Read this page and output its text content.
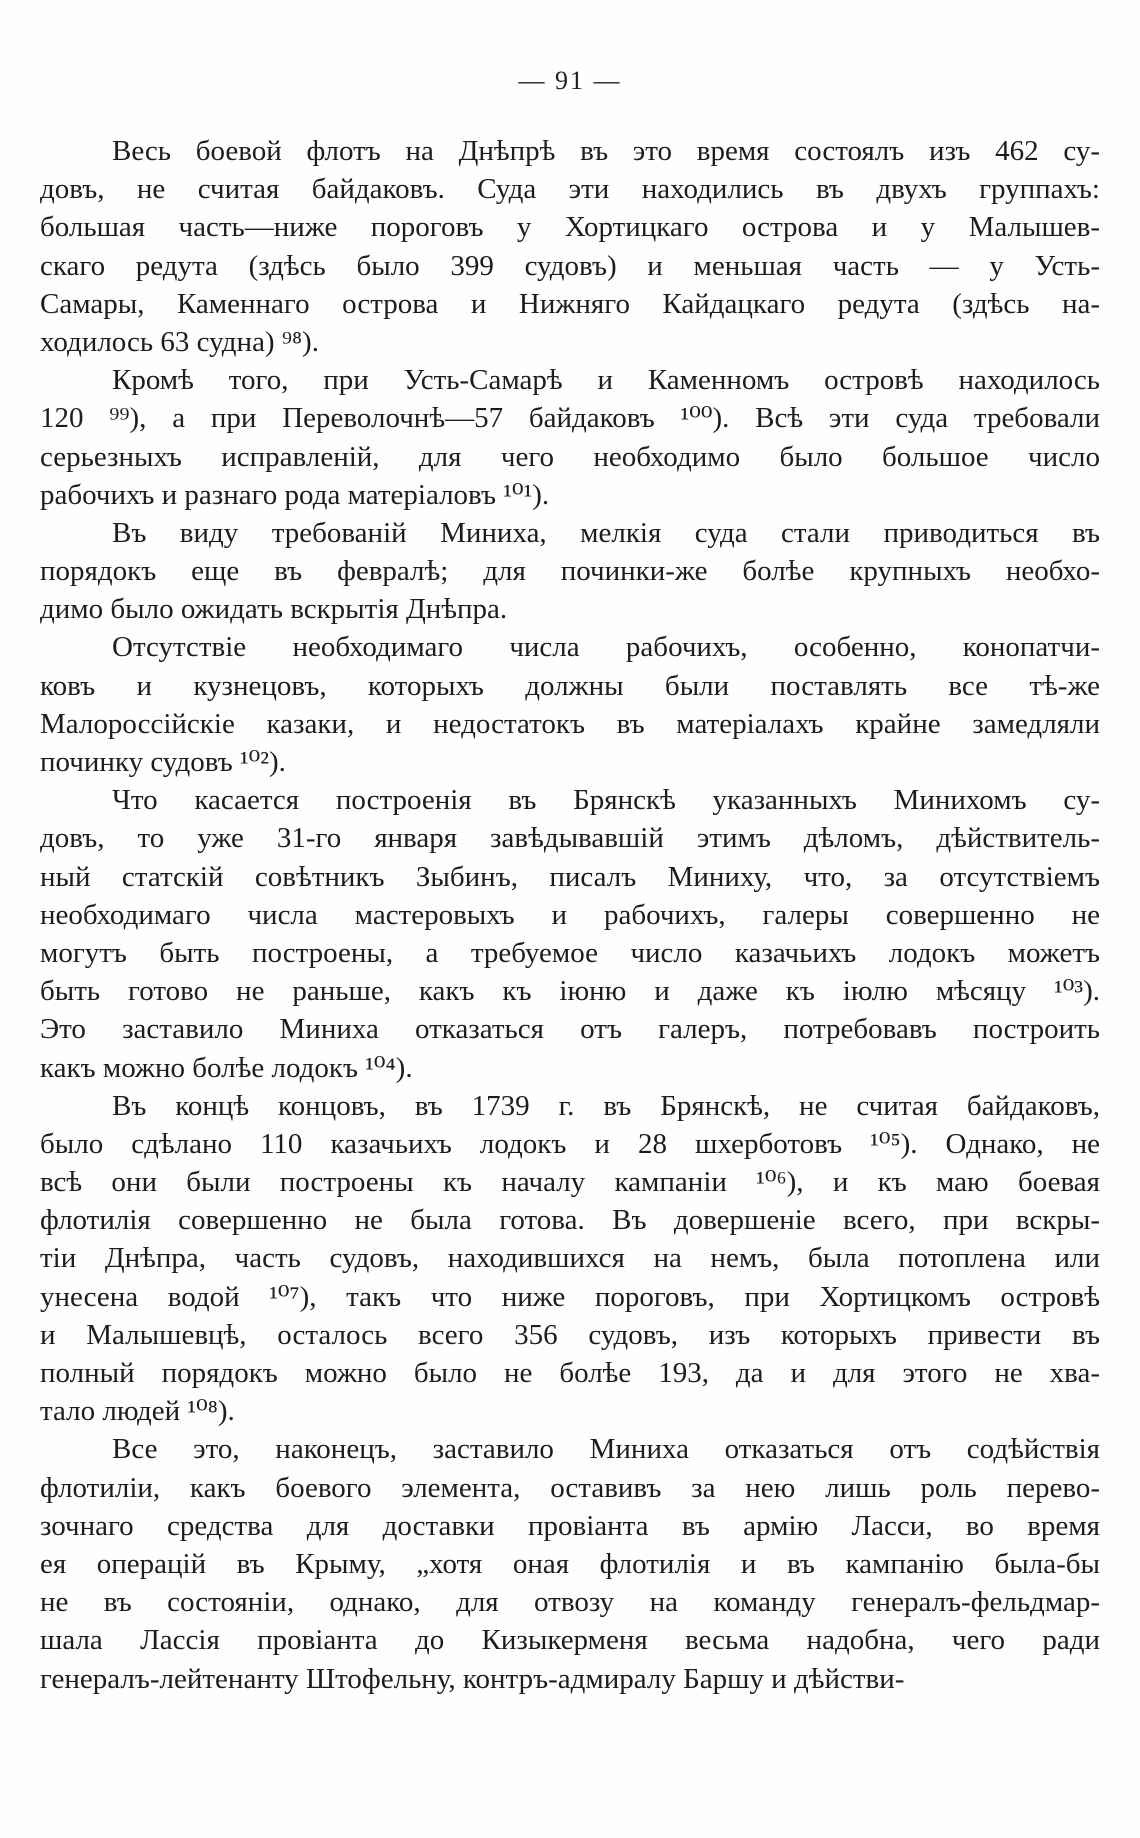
— 91 —
Весь боевой флотъ на Днѣпрѣ въ это время состоялъ изъ 462 су-
довъ, не считая байдаковъ. Суда эти находились въ двухъ группахъ:
большая часть—ниже пороговъ у Хортицкаго острова и у Малышев-
скаго редута (здѣсь было 399 судовъ) и меньшая часть — у Усть-
Самары, Каменнаго острова и Нижняго Кайдацкаго редута (здѣсь на-
ходилось 63 судна) ⁹⁸).
Кромѣ того, при Усть-Самарѣ и Каменномъ островѣ находилось
120 ⁹⁹), а при Переволочнѣ—57 байдаковъ ¹⁰⁰). Всѣ эти суда требовали
серьезныхъ исправленій, для чего необходимо было большое число
рабочихъ и разнаго рода матеріаловъ ¹⁰¹).
Въ виду требованій Миниха, мелкія суда стали приводиться въ
порядокъ еще въ февралѣ; для починки-же болѣе крупныхъ необхо-
димо было ожидать вскрытія Днѣпра.
Отсутствіе необходимаго числа рабочихъ, особенно, конопатчи-
ковъ и кузнецовъ, которыхъ должны были поставлять все тѣ-же
Малороссійскіе казаки, и недостатокъ въ матеріалахъ крайне замедляли
починку судовъ ¹⁰²).
Что касается построенія въ Брянскѣ указанныхъ Минихомъ су-
довъ, то уже 31-го января завѣдывавшій этимъ дѣломъ, дѣйствитель-
ный статскій совѣтникъ Зыбинъ, писалъ Миниху, что, за отсутствіемъ
необходимаго числа мастеровыхъ и рабочихъ, галеры совершенно не
могутъ быть построены, а требуемое число казачьихъ лодокъ можетъ
быть готово не раньше, какъ къ іюню и даже къ іюлю мѣсяцу ¹⁰³).
Это заставило Миниха отказаться отъ галеръ, потребовавъ построить
какъ можно болѣе лодокъ ¹⁰⁴).
Въ концѣ концовъ, въ 1739 г. въ Брянскѣ, не считая байдаковъ,
было сдѣлано 110 казачьихъ лодокъ и 28 шхерботовъ ¹⁰⁵). Однако, не
всѣ они были построены къ началу кампаніи ¹⁰⁶), и къ маю боевая
флотилія совершенно не была готова. Въ довершеніе всего, при вскры-
тіи Днѣпра, часть судовъ, находившихся на немъ, была потоплена или
унесена водой ¹⁰⁷), такъ что ниже пороговъ, при Хортицкомъ островѣ
и Малышевцѣ, осталось всего 356 судовъ, изъ которыхъ привести въ
полный порядокъ можно было не болѣе 193, да и для этого не хва-
тало людей ¹⁰⁸).
Все это, наконецъ, заставило Миниха отказаться отъ содѣйствія
флотиліи, какъ боевого элемента, оставивъ за нею лишь роль перево-
зочнаго средства для доставки провіанта въ армію Ласси, во время
ея операцій въ Крыму, „хотя оная флотилія и въ кампанію была-бы
не въ состояніи, однако, для отвозу на команду генералъ-фельдмар-
шала Лассія провіанта до Кизыкерменя весьма надобна, чего ради
генералъ-лейтенанту Штофельну, контръ-адмиралу Баршу и дѣйстви-
